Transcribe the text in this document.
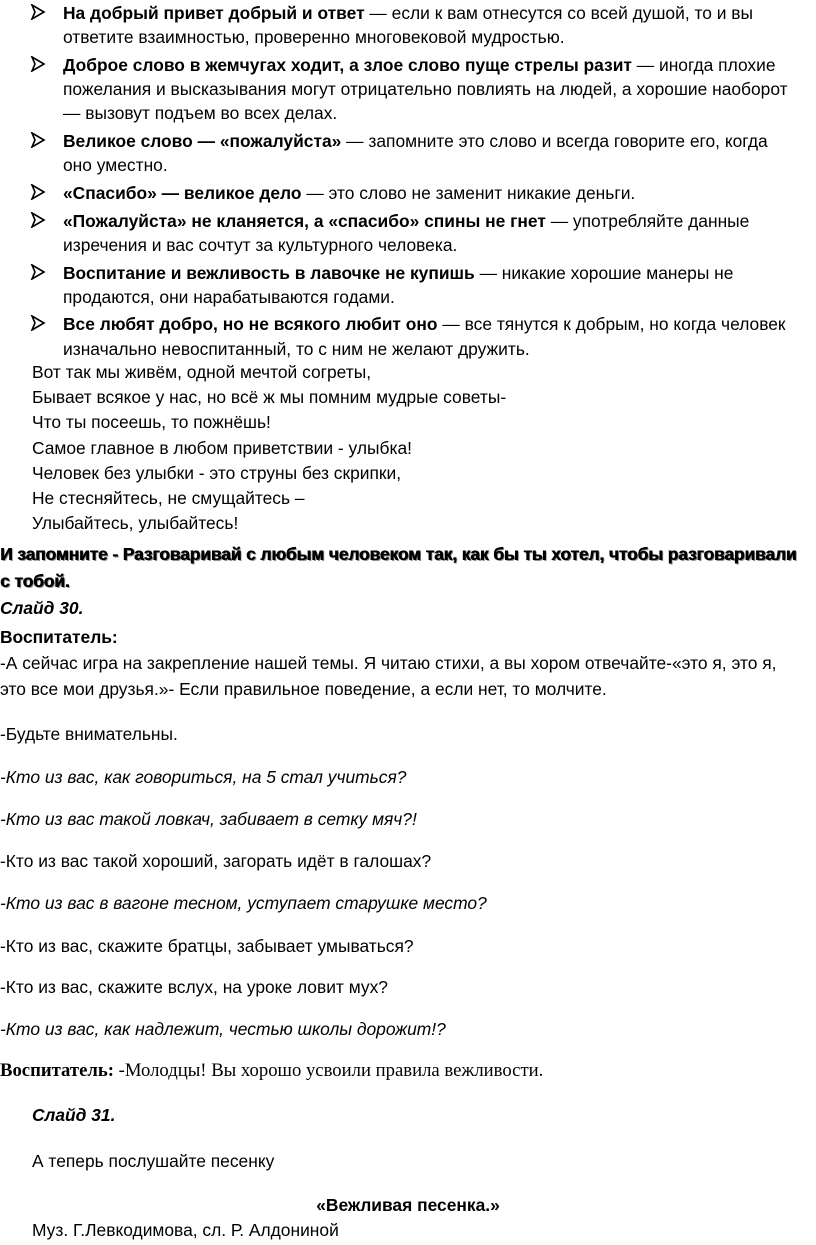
На добрый привет добрый и ответ — если к вам отнесутся со всей душой, то и вы ответите взаимностью, проверенно многовековой мудростью.
Доброе слово в жемчугах ходит, а злое слово пуще стрелы разит — иногда плохие пожелания и высказывания могут отрицательно повлиять на людей, а хорошие наоборот — вызовут подъем во всех делах.
Великое слово — «пожалуйста» — запомните это слово и всегда говорите его, когда оно уместно.
«Спасибо» — великое дело — это слово не заменит никакие деньги.
«Пожалуйста» не кланяется, а «спасибо» спины не гнет — употребляйте данные изречения и вас сочтут за культурного человека.
Воспитание и вежливость в лавочке не купишь — никакие хорошие манеры не продаются, они нарабатываются годами.
Все любят добро, но не всякого любит оно — все тянутся к добрым, но когда человек изначально невоспитанный, то с ним не желают дружить.
Вот так мы живём, одной мечтой согреты,
Бывает всякое у нас, но всё ж мы помним мудрые советы-
Что ты посеешь, то пожнёшь!
Самое главное в любом приветствии - улыбка!
Человек без улыбки - это струны без скрипки,
Не стесняйтесь, не смущайтесь –
Улыбайтесь, улыбайтесь!
И запомните - Разговаривай с любым человеком так, как бы ты хотел, чтобы разговаривали с тобой.
Слайд 30.
Воспитатель:
-А сейчас игра на закрепление нашей темы. Я читаю стихи, а вы хором отвечайте-«это я, это я, это все мои друзья.»- Если правильное поведение, а если нет, то молчите.
-Будьте внимательны.
-Кто из вас, как говориться, на 5 стал учиться?
-Кто из вас такой ловкач, забивает в сетку мяч?!
-Кто из вас такой хороший, загорать идёт в галошах?
-Кто из вас в вагоне тесном, уступает старушке место?
-Кто из вас, скажите братцы, забывает умываться?
-Кто из вас, скажите вслух, на уроке ловит мух?
-Кто из вас, как надлежит, честью школы дорожит!?
Воспитатель: -Молодцы! Вы хорошо усвоили правила вежливости.
Слайд 31.
А теперь послушайте песенку
«Вежливая песенка.»
Муз. Г.Левкодимова, сл. Р. Алдониной
